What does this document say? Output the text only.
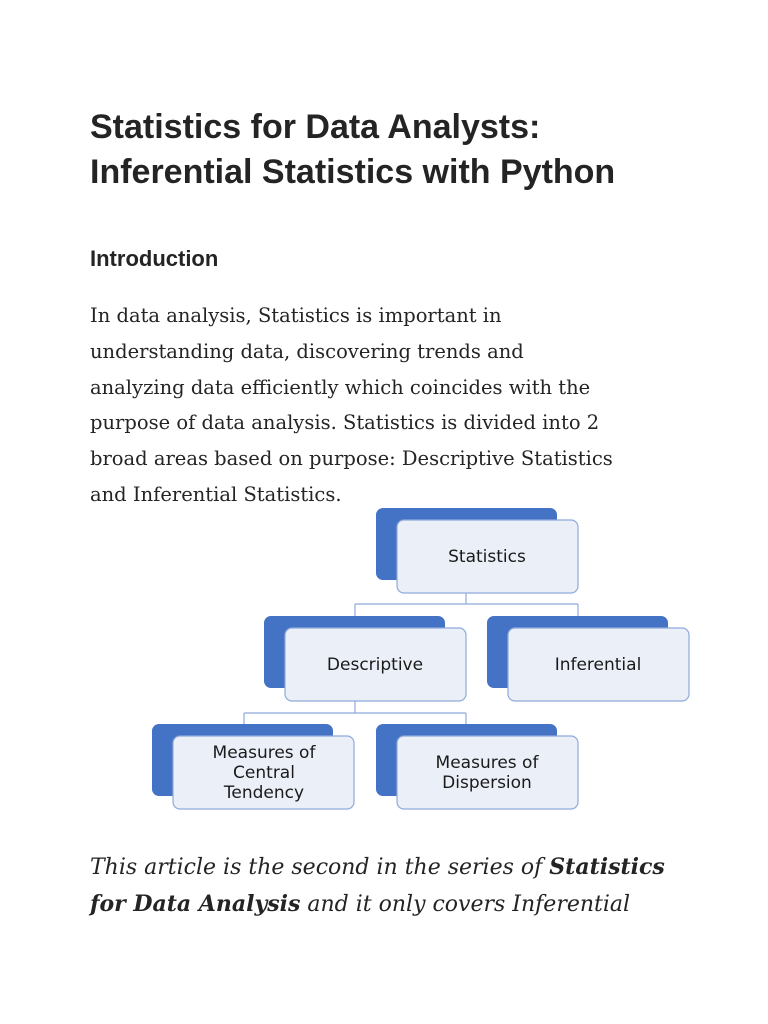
Statistics for Data Analysts:
Inferential Statistics with Python
Introduction

In data analysis, Statistics is important in
understanding data, discovering trends and
analyzing data efficiently which coincides with the
purpose of data analysis. Statistics is divided into 2
broad areas based on purpose: Descriptive Statistics
and Inferential Statistics.

Statistics
Descriptive	Inferential
Measures of
Central
Tendency
Measures of
Dispersion

This article is the second in the series of Statistics
for Data Analysis and it only covers Inferential
